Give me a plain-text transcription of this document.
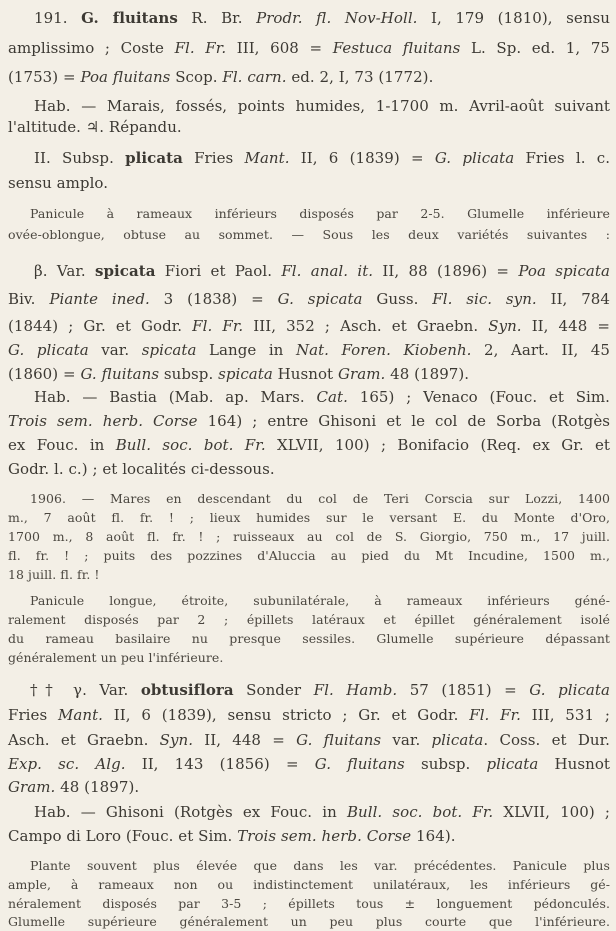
191. G. fluitans R. Br. Prodr. fl. Nov-Holl. I, 179 (1810), sensu
amplissimo ; Coste Fl. Fr. III, 608 = Festuca fluitans L. Sp. ed. 1, 75
(1753) = Poa fluitans Scop. Fl. carn. ed. 2, I, 73 (1772).
Hab. — Marais, fossés, points humides, 1-1700 m. Avril-août suivant
l'altitude. ♃. Répandu.
II. Subsp. plicata Fries Mant. II, 6 (1839) = G. plicata Fries l. c.
sensu amplo.
Panicule à rameaux inférieurs disposés par 2-5. Glumelle inférieure
ovée-oblongue, obtuse au sommet. — Sous les deux variétés suivantes :
β. Var. spicata Fiori et Paol. Fl. anal. it. II, 88 (1896) = Poa spicata
Biv. Piante ined. 3 (1838) = G. spicata Guss. Fl. sic. syn. II, 784
(1844) ; Gr. et Godr. Fl. Fr. III, 352 ; Asch. et Graebn. Syn. II, 448 =
G. plicata var. spicata Lange in Nat. Foren. Kiobenh. 2, Aart. II, 45
(1860) = G. fluitans subsp. spicata Husnot Gram. 48 (1897).
Hab. — Bastia (Mab. ap. Mars. Cat. 165) ; Venaco (Fouc. et Sim.
Trois sem. herb. Corse 164) ; entre Ghisoni et le col de Sorba (Rotgès
ex Fouc. in Bull. soc. bot. Fr. XLVII, 100) ; Bonifacio (Req. ex Gr. et
Godr. l. c.) ; et localités ci-dessous.
1906. — Mares en descendant du col de Teri Corscia sur Lozzi, 1400
m., 7 août fl. fr. ! ; lieux humides sur le versant E. du Monte d'Oro,
1700 m., 8 août fl. fr. ! ; ruisseaux au col de S. Giorgio, 750 m., 17 juill.
fl. fr. ! ; puits des pozzines d'Aluccia au pied du Mt Incudine, 1500 m.,
18 juill. fl. fr. !
Panicule longue, étroite, subunilatérale, à rameaux inférieurs géné-
ralement disposés par 2 ; épillets latéraux et épillet généralement isolé
du rameau basilaire nu presque sessiles. Glumelle supérieure dépassant
généralement un peu l'inférieure.
†† γ. Var. obtusiflora Sonder Fl. Hamb. 57 (1851) = G. plicata
Fries Mant. II, 6 (1839), sensu stricto ; Gr. et Godr. Fl. Fr. III, 531 ;
Asch. et Graebn. Syn. II, 448 = G. fluitans var. plicata. Coss. et Dur.
Exp. sc. Alg. II, 143 (1856) = G. fluitans subsp. plicata Husnot
Gram. 48 (1897).
Hab. — Ghisoni (Rotgès ex Fouc. in Bull. soc. bot. Fr. XLVII, 100) ;
Campo di Loro (Fouc. et Sim. Trois sem. herb. Corse 164).
Plante souvent plus élevée que dans les var. précédentes. Panicule plus
ample, à rameaux non ou indistinctement unilatéraux, les inférieurs gé-
néralement disposés par 3-5 ; épillets tous ± longuement pédonculés.
Glumelle supérieure généralement un peu plus courte que l'inférieure.
